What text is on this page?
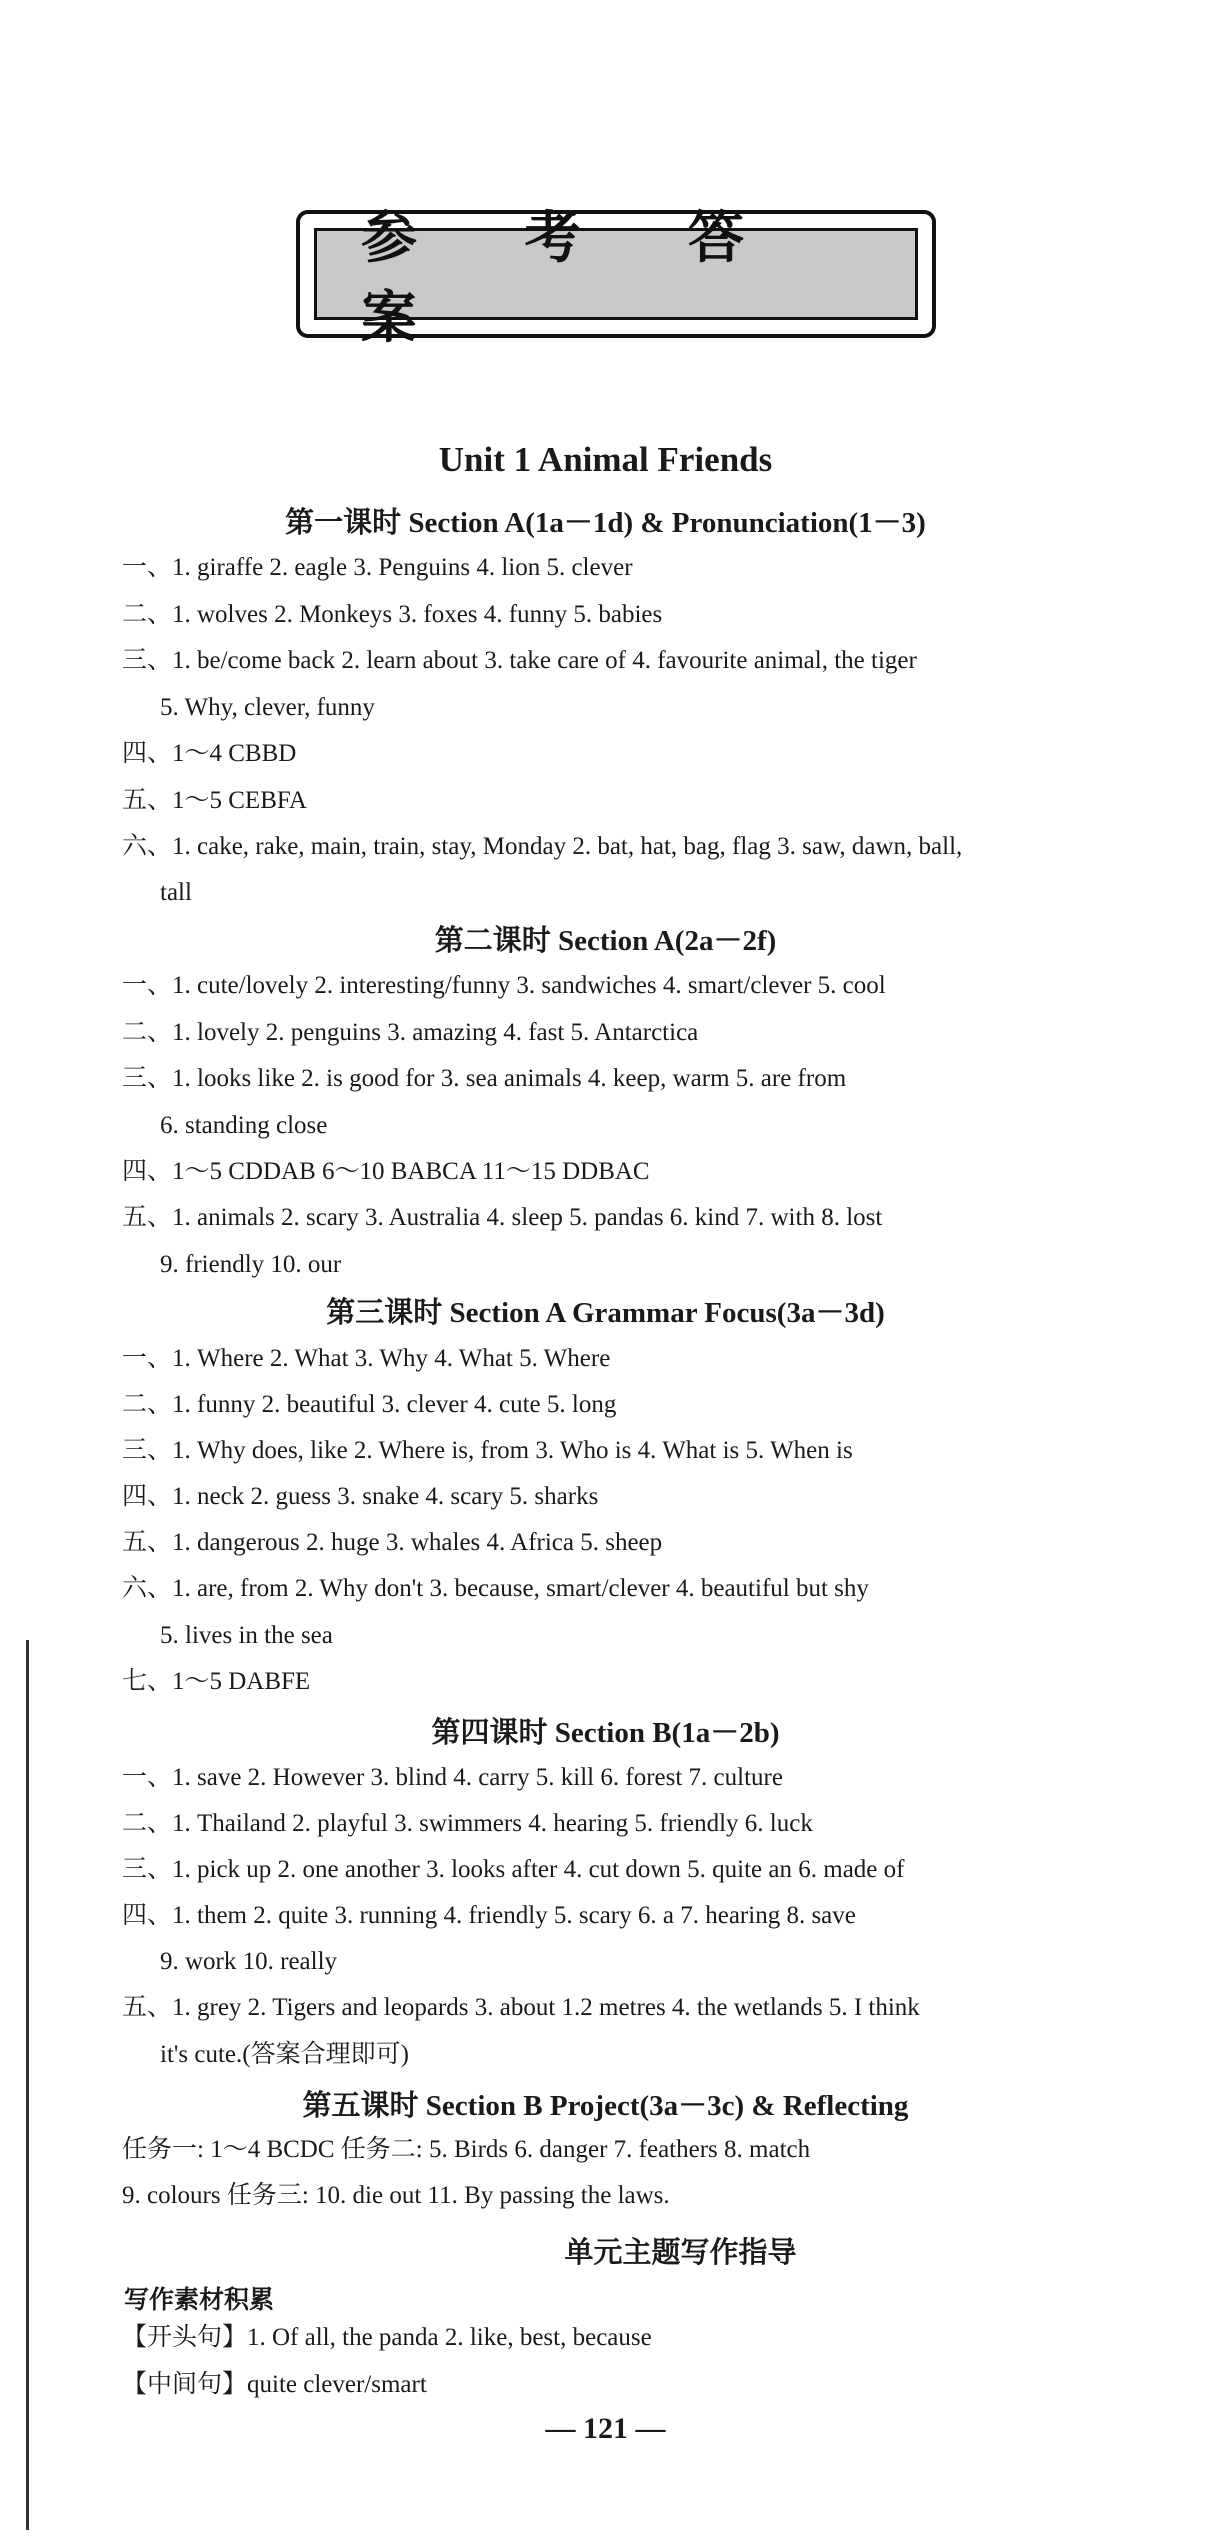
参 考 答 案
Unit 1 Animal Friends
第一课时 Section A(1a－1d) & Pronunciation(1－3)
一、1. giraffe 2. eagle 3. Penguins 4. lion 5. clever
二、1. wolves 2. Monkeys 3. foxes 4. funny 5. babies
三、1. be/come back 2. learn about 3. take care of 4. favourite animal, the tiger
5. Why, clever, funny
四、1～4 CBBD
五、1～5 CEBFA
六、1. cake, rake, main, train, stay, Monday 2. bat, hat, bag, flag 3. saw, dawn, ball,
tall
第二课时 Section A(2a－2f)
一、1. cute/lovely 2. interesting/funny 3. sandwiches 4. smart/clever 5. cool
二、1. lovely 2. penguins 3. amazing 4. fast 5. Antarctica
三、1. looks like 2. is good for 3. sea animals 4. keep, warm 5. are from
6. standing close
四、1～5 CDDAB 6～10 BABCA 11～15 DDBAC
五、1. animals 2. scary 3. Australia 4. sleep 5. pandas 6. kind 7. with 8. lost
9. friendly 10. our
第三课时 Section A Grammar Focus(3a－3d)
一、1. Where 2. What 3. Why 4. What 5. Where
二、1. funny 2. beautiful 3. clever 4. cute 5. long
三、1. Why does, like 2. Where is, from 3. Who is 4. What is 5. When is
四、1. neck 2. guess 3. snake 4. scary 5. sharks
五、1. dangerous 2. huge 3. whales 4. Africa 5. sheep
六、1. are, from 2. Why don't 3. because, smart/clever 4. beautiful but shy
5. lives in the sea
七、1～5 DABFE
第四课时 Section B(1a－2b)
一、1. save 2. However 3. blind 4. carry 5. kill 6. forest 7. culture
二、1. Thailand 2. playful 3. swimmers 4. hearing 5. friendly 6. luck
三、1. pick up 2. one another 3. looks after 4. cut down 5. quite an 6. made of
四、1. them 2. quite 3. running 4. friendly 5. scary 6. a 7. hearing 8. save
9. work 10. really
五、1. grey 2. Tigers and leopards 3. about 1.2 metres 4. the wetlands 5. I think
it's cute.(答案合理即可)
第五课时 Section B Project(3a－3c) & Reflecting
任务一: 1～4 BCDC 任务二: 5. Birds 6. danger 7. feathers 8. match
9. colours 任务三: 10. die out 11. By passing the laws.
单元主题写作指导
写作素材积累
【开头句】1. Of all, the panda 2. like, best, because
【中间句】quite clever/smart
— 121 —
